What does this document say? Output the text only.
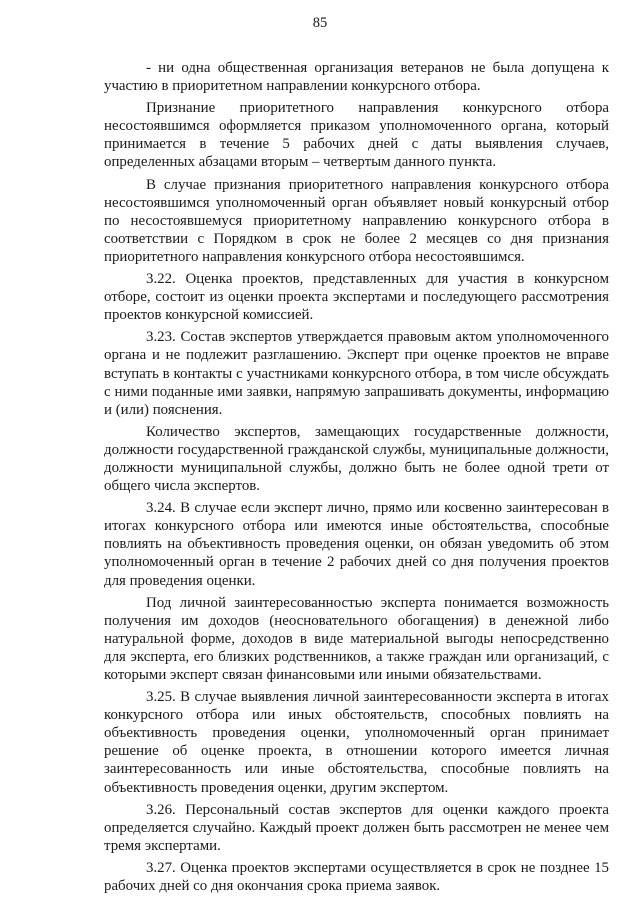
85

- ни одна общественная организация ветеранов не была допущена к участию в приоритетном направлении конкурсного отбора.

Признание приоритетного направления конкурсного отбора несостоявшимся оформляется приказом уполномоченного органа, который принимается в течение 5 рабочих дней с даты выявления случаев, определенных абзацами вторым – четвертым данного пункта.

В случае признания приоритетного направления конкурсного отбора несостоявшимся уполномоченный орган объявляет новый конкурсный отбор по несостоявшемуся приоритетному направлению конкурсного отбора в соответствии с Порядком в срок не более 2 месяцев со дня признания приоритетного направления конкурсного отбора несостоявшимся.

3.22. Оценка проектов, представленных для участия в конкурсном отборе, состоит из оценки проекта экспертами и последующего рассмотрения проектов конкурсной комиссией.

3.23. Состав экспертов утверждается правовым актом уполномоченного органа и не подлежит разглашению. Эксперт при оценке проектов не вправе вступать в контакты с участниками конкурсного отбора, в том числе обсуждать с ними поданные ими заявки, напрямую запрашивать документы, информацию и (или) пояснения.

Количество экспертов, замещающих государственные должности, должности государственной гражданской службы, муниципальные должности, должности муниципальной службы, должно быть не более одной трети от общего числа экспертов.

3.24. В случае если эксперт лично, прямо или косвенно заинтересован в итогах конкурсного отбора или имеются иные обстоятельства, способные повлиять на объективность проведения оценки, он обязан уведомить об этом уполномоченный орган в течение 2 рабочих дней со дня получения проектов для проведения оценки.

Под личной заинтересованностью эксперта понимается возможность получения им доходов (неосновательного обогащения) в денежной либо натуральной форме, доходов в виде материальной выгоды непосредственно для эксперта, его близких родственников, а также граждан или организаций, с которыми эксперт связан финансовыми или иными обязательствами.

3.25. В случае выявления личной заинтересованности эксперта в итогах конкурсного отбора или иных обстоятельств, способных повлиять на объективность проведения оценки, уполномоченный орган принимает решение об оценке проекта, в отношении которого имеется личная заинтересованность или иные обстоятельства, способные повлиять на объективность проведения оценки, другим экспертом.

3.26. Персональный состав экспертов для оценки каждого проекта определяется случайно. Каждый проект должен быть рассмотрен не менее чем тремя экспертами.

3.27. Оценка проектов экспертами осуществляется в срок не позднее 15 рабочих дней со дня окончания срока приема заявок.
